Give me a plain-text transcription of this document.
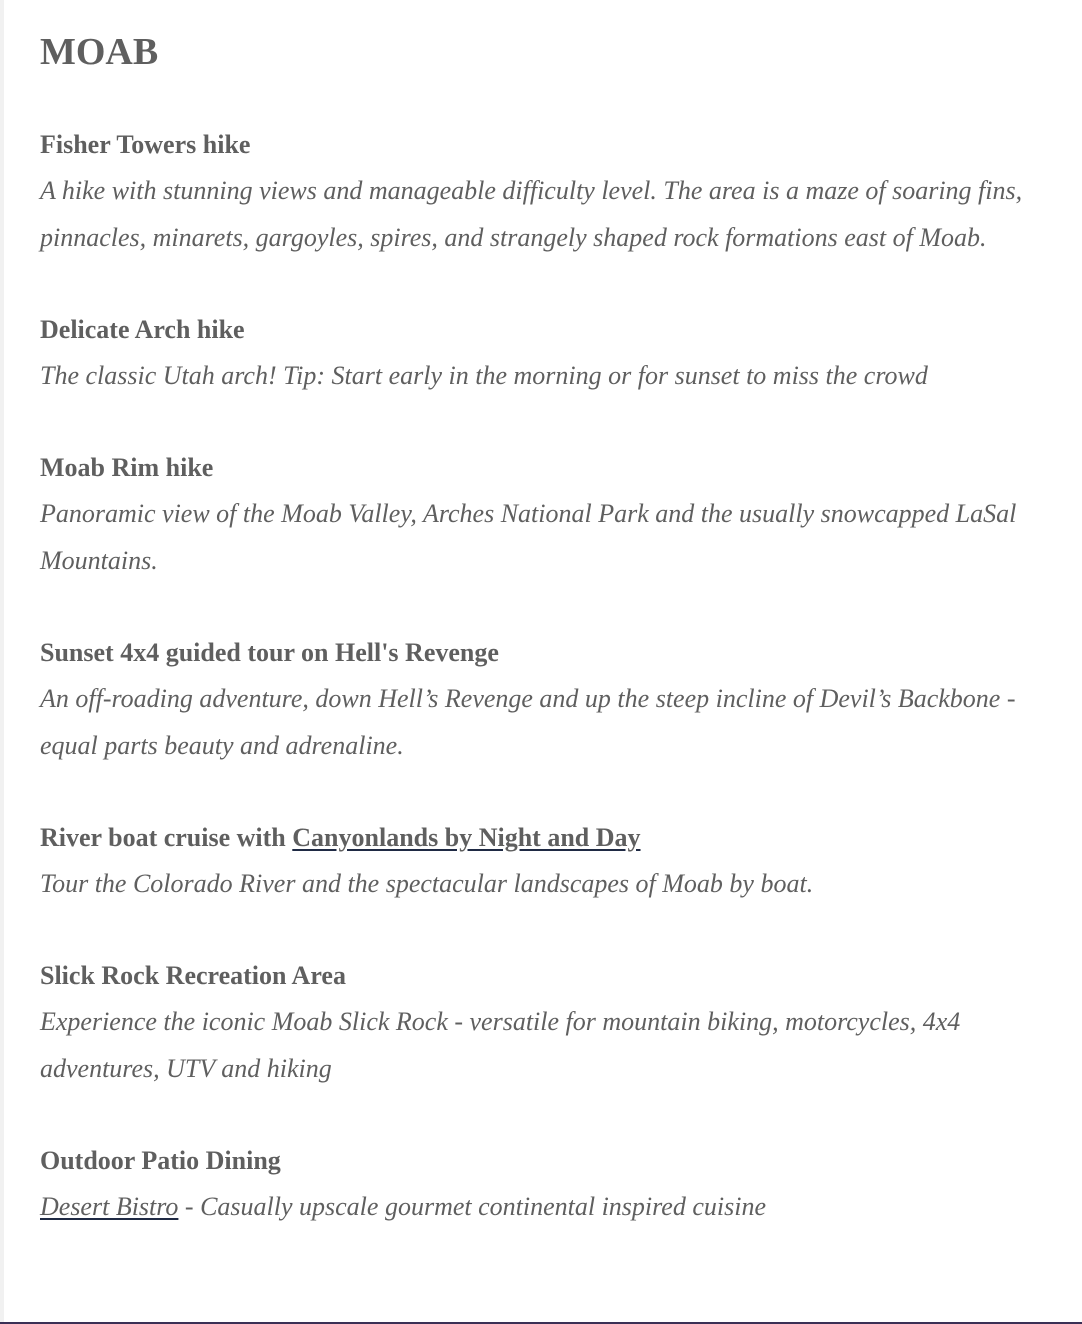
MOAB

Fisher Towers hike

A hike with stunning views and manageable difficulty level. The area is a maze of soaring fins, pinnacles, minarets, gargoyles, spires, and strangely shaped rock formations east of Moab.

Delicate Arch hike

The classic Utah arch! Tip: Start early in the morning or for sunset to miss the crowd

Moab Rim hike

Panoramic view of the Moab Valley, Arches National Park and the usually snowcapped LaSal Mountains.

Sunset 4x4 guided tour on Hell's Revenge

An off-roading adventure, down Hell’s Revenge and up the steep incline of Devil’s Backbone - equal parts beauty and adrenaline.

River boat cruise with Canyonlands by Night and Day

Tour the Colorado River and the spectacular landscapes of Moab by boat.

Slick Rock Recreation Area

Experience the iconic Moab Slick Rock - versatile for mountain biking, motorcycles, 4x4 adventures, UTV and hiking

Outdoor Patio Dining

Desert Bistro - Casually upscale gourmet continental inspired cuisine
